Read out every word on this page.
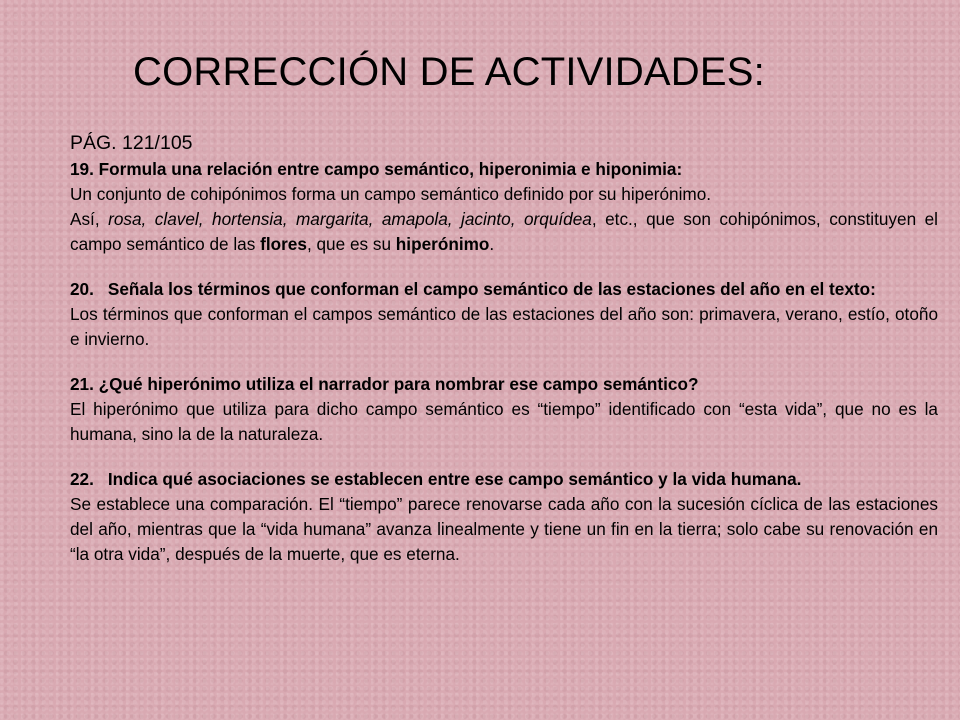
CORRECCIÓN DE ACTIVIDADES:

PÁG. 121/105

19. Formula una relación entre campo semántico, hiperonimia e hiponimia:

Un conjunto de cohipónimos forma un campo semántico definido por su hiperónimo.

Así, rosa, clavel, hortensia, margarita, amapola, jacinto, orquídea, etc., que son cohipónimos, constituyen el campo semántico de las flores, que es su hiperónimo.

20. Señala los términos que conforman el campo semántico de las estaciones del año en el texto:

Los términos que conforman el campos semántico de las estaciones del año son: primavera, verano, estío, otoño e invierno.

21. ¿Qué hiperónimo utiliza el narrador para nombrar ese campo semántico?

El hiperónimo que utiliza para dicho campo semántico es “tiempo” identificado con “esta vida”, que no es la humana, sino la de la naturaleza.

22. Indica qué asociaciones se establecen entre ese campo semántico y la vida humana.

Se establece una comparación. El “tiempo” parece renovarse cada año con la sucesión cíclica de las estaciones del año, mientras que la “vida humana” avanza linealmente y tiene un fin en la tierra; solo cabe su renovación en “la otra vida”, después de la muerte, que es eterna.
